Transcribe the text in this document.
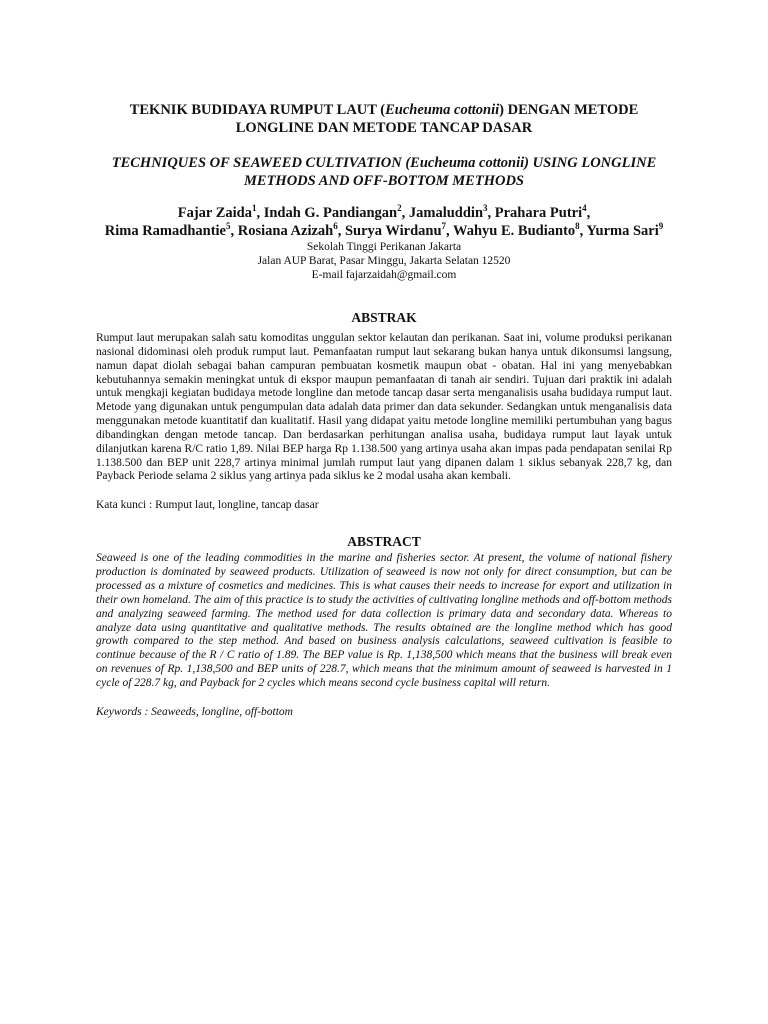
TEKNIK BUDIDAYA RUMPUT LAUT (Eucheuma cottonii) DENGAN METODE
LONGLINE DAN METODE TANCAP DASAR

TECHNIQUES OF SEAWEED CULTIVATION (Eucheuma cottonii) USING LONGLINE
METHODS AND OFF-BOTTOM METHODS

Fajar Zaida$^1$, Indah G. Pandiangan$^2$, Jamaluddin$^3$, Prahara Putri$^4$,
Rima Ramadhantie$^5$, Rosiana Azizah$^6$, Surya Wirdanu$^7$, Wahyu E. Budianto$^8$, Yurma Sari$^9$

Sekolah Tinggi Perikanan Jakarta

Jalan AUP Barat, Pasar Minggu, Jakarta Selatan 12520

E-mail fajarzaidah@gmail.com

ABSTRAK

Rumput laut merupakan salah satu komoditas unggulan sektor kelautan dan perikanan. Saat ini, volume produksi perikanan nasional didominasi oleh produk rumput laut. Pemanfaatan rumput laut sekarang bukan hanya untuk dikonsumsi langsung, namun dapat diolah sebagai bahan campuran pembuatan kosmetik maupun obat - obatan. Hal ini yang menyebabkan kebutuhannya semakin meningkat untuk di ekspor maupun pemanfaatan di tanah air sendiri. Tujuan dari praktik ini adalah untuk mengkaji kegiatan budidaya metode longline dan metode tancap dasar serta menganalisis usaha budidaya rumput laut. Metode yang digunakan untuk pengumpulan data adalah data primer dan data sekunder. Sedangkan untuk menganalisis data menggunakan metode kuantitatif dan kualitatif. Hasil yang didapat yaitu metode longline memiliki pertumbuhan yang bagus dibandingkan dengan metode tancap. Dan berdasarkan perhitungan analisa usaha, budidaya rumput laut layak untuk dilanjutkan karena R/C ratio 1,89. Nilai BEP harga Rp 1.138.500 yang artinya usaha akan impas pada pendapatan senilai Rp 1.138.500 dan BEP unit 228,7 artinya minimal jumlah rumput laut yang dipanen dalam 1 siklus sebanyak 228,7 kg, dan Payback Periode selama 2 siklus yang artinya pada siklus ke 2 modal usaha akan kembali.

Kata kunci : Rumput laut, longline, tancap dasar

ABSTRACT

Seaweed is one of the leading commodities in the marine and fisheries sector. At present, the volume of national fishery production is dominated by seaweed products. Utilization of seaweed is now not only for direct consumption, but can be processed as a mixture of cosmetics and medicines. This is what causes their needs to increase for export and utilization in their own homeland. The aim of this practice is to study the activities of cultivating longline methods and off-bottom methods and analyzing seaweed farming. The method used for data collection is primary data and secondary data. Whereas to analyze data using quantitative and qualitative methods. The results obtained are the longline method which has good growth compared to the step method. And based on business analysis calculations, seaweed cultivation is feasible to continue because of the R / C ratio of 1.89. The BEP value is Rp. 1,138,500 which means that the business will break even on revenues of Rp. 1,138,500 and BEP units of 228.7, which means that the minimum amount of seaweed is harvested in 1 cycle of 228.7 kg, and Payback for 2 cycles which means second cycle business capital will return.

Keywords : Seaweeds, longline, off-bottom
